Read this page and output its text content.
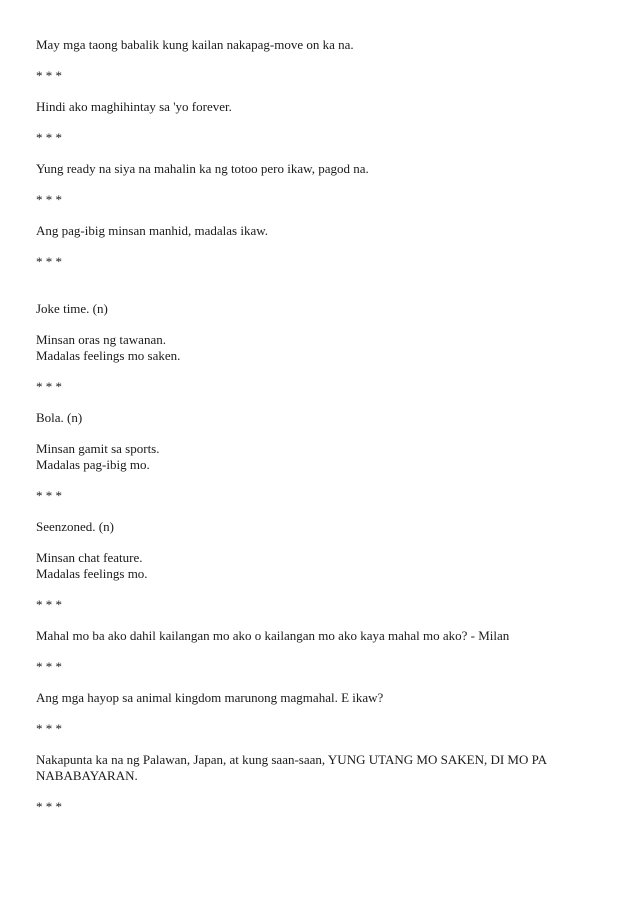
May mga taong babalik kung kailan nakapag-move on ka na.
* * *
Hindi ako maghihintay sa 'yo forever.
* * *
Yung ready na siya na mahalin ka ng totoo pero ikaw, pagod na.
* * *
Ang pag-ibig minsan manhid, madalas ikaw.
* * *
Joke time. (n)
Minsan oras ng tawanan.
Madalas feelings mo saken.
* * *
Bola. (n)
Minsan gamit sa sports.
Madalas pag-ibig mo.
* * *
Seenzoned. (n)
Minsan chat feature.
Madalas feelings mo.
* * *
Mahal mo ba ako dahil kailangan mo ako o kailangan mo ako kaya mahal mo ako? - Milan
* * *
Ang mga hayop sa animal kingdom marunong magmahal. E ikaw?
* * *
Nakapunta ka na ng Palawan, Japan, at kung saan-saan, YUNG UTANG MO SAKEN, DI MO PA
NABABAYARAN.
* * *
